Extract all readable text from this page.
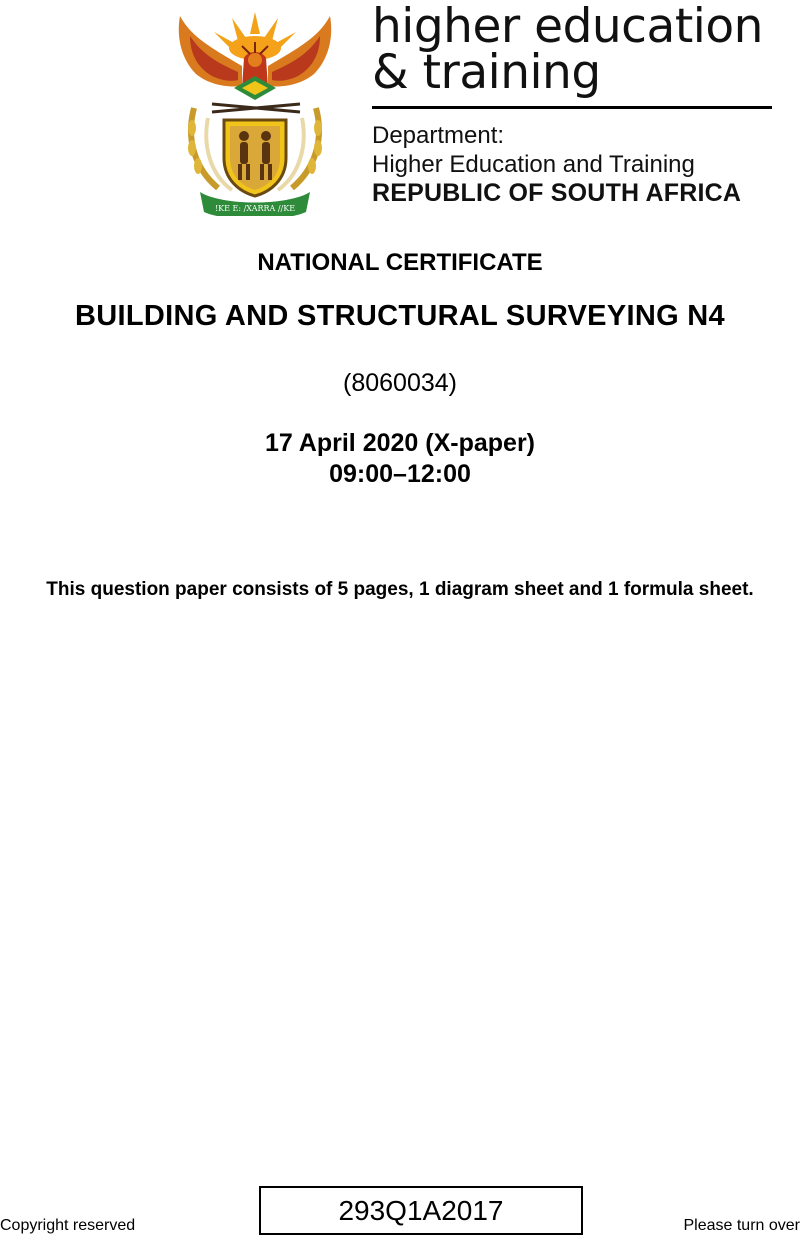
!KE E: /XARRA //KE
higher education
& training
Department:
Higher Education and Training
REPUBLIC OF SOUTH AFRICA
NATIONAL CERTIFICATE
BUILDING AND STRUCTURAL SURVEYING N4
(8060034)
17 April 2020 (X-paper)
09:00–12:00
This question paper consists of 5 pages, 1 diagram sheet and 1 formula sheet.
Copyright reserved	293Q1A2017	Please turn over
